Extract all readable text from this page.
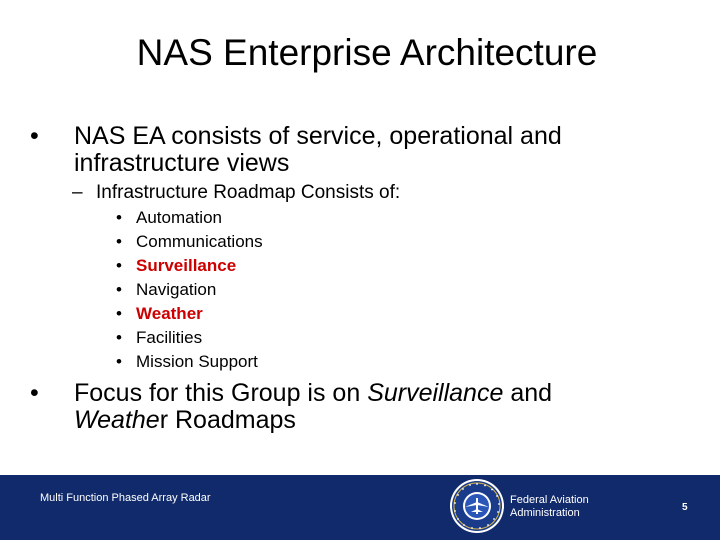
NAS Enterprise Architecture
• NAS EA consists of service, operational and
infrastructure views
– Infrastructure Roadmap Consists of:
• Automation
• Communications
• Surveillance
• Navigation
• Weather
• Facilities
• Mission Support
• Focus for this Group is on Surveillance and
Weather Roadmaps
Multi Function Phased Array Radar	Federal Aviation
Administration	5
